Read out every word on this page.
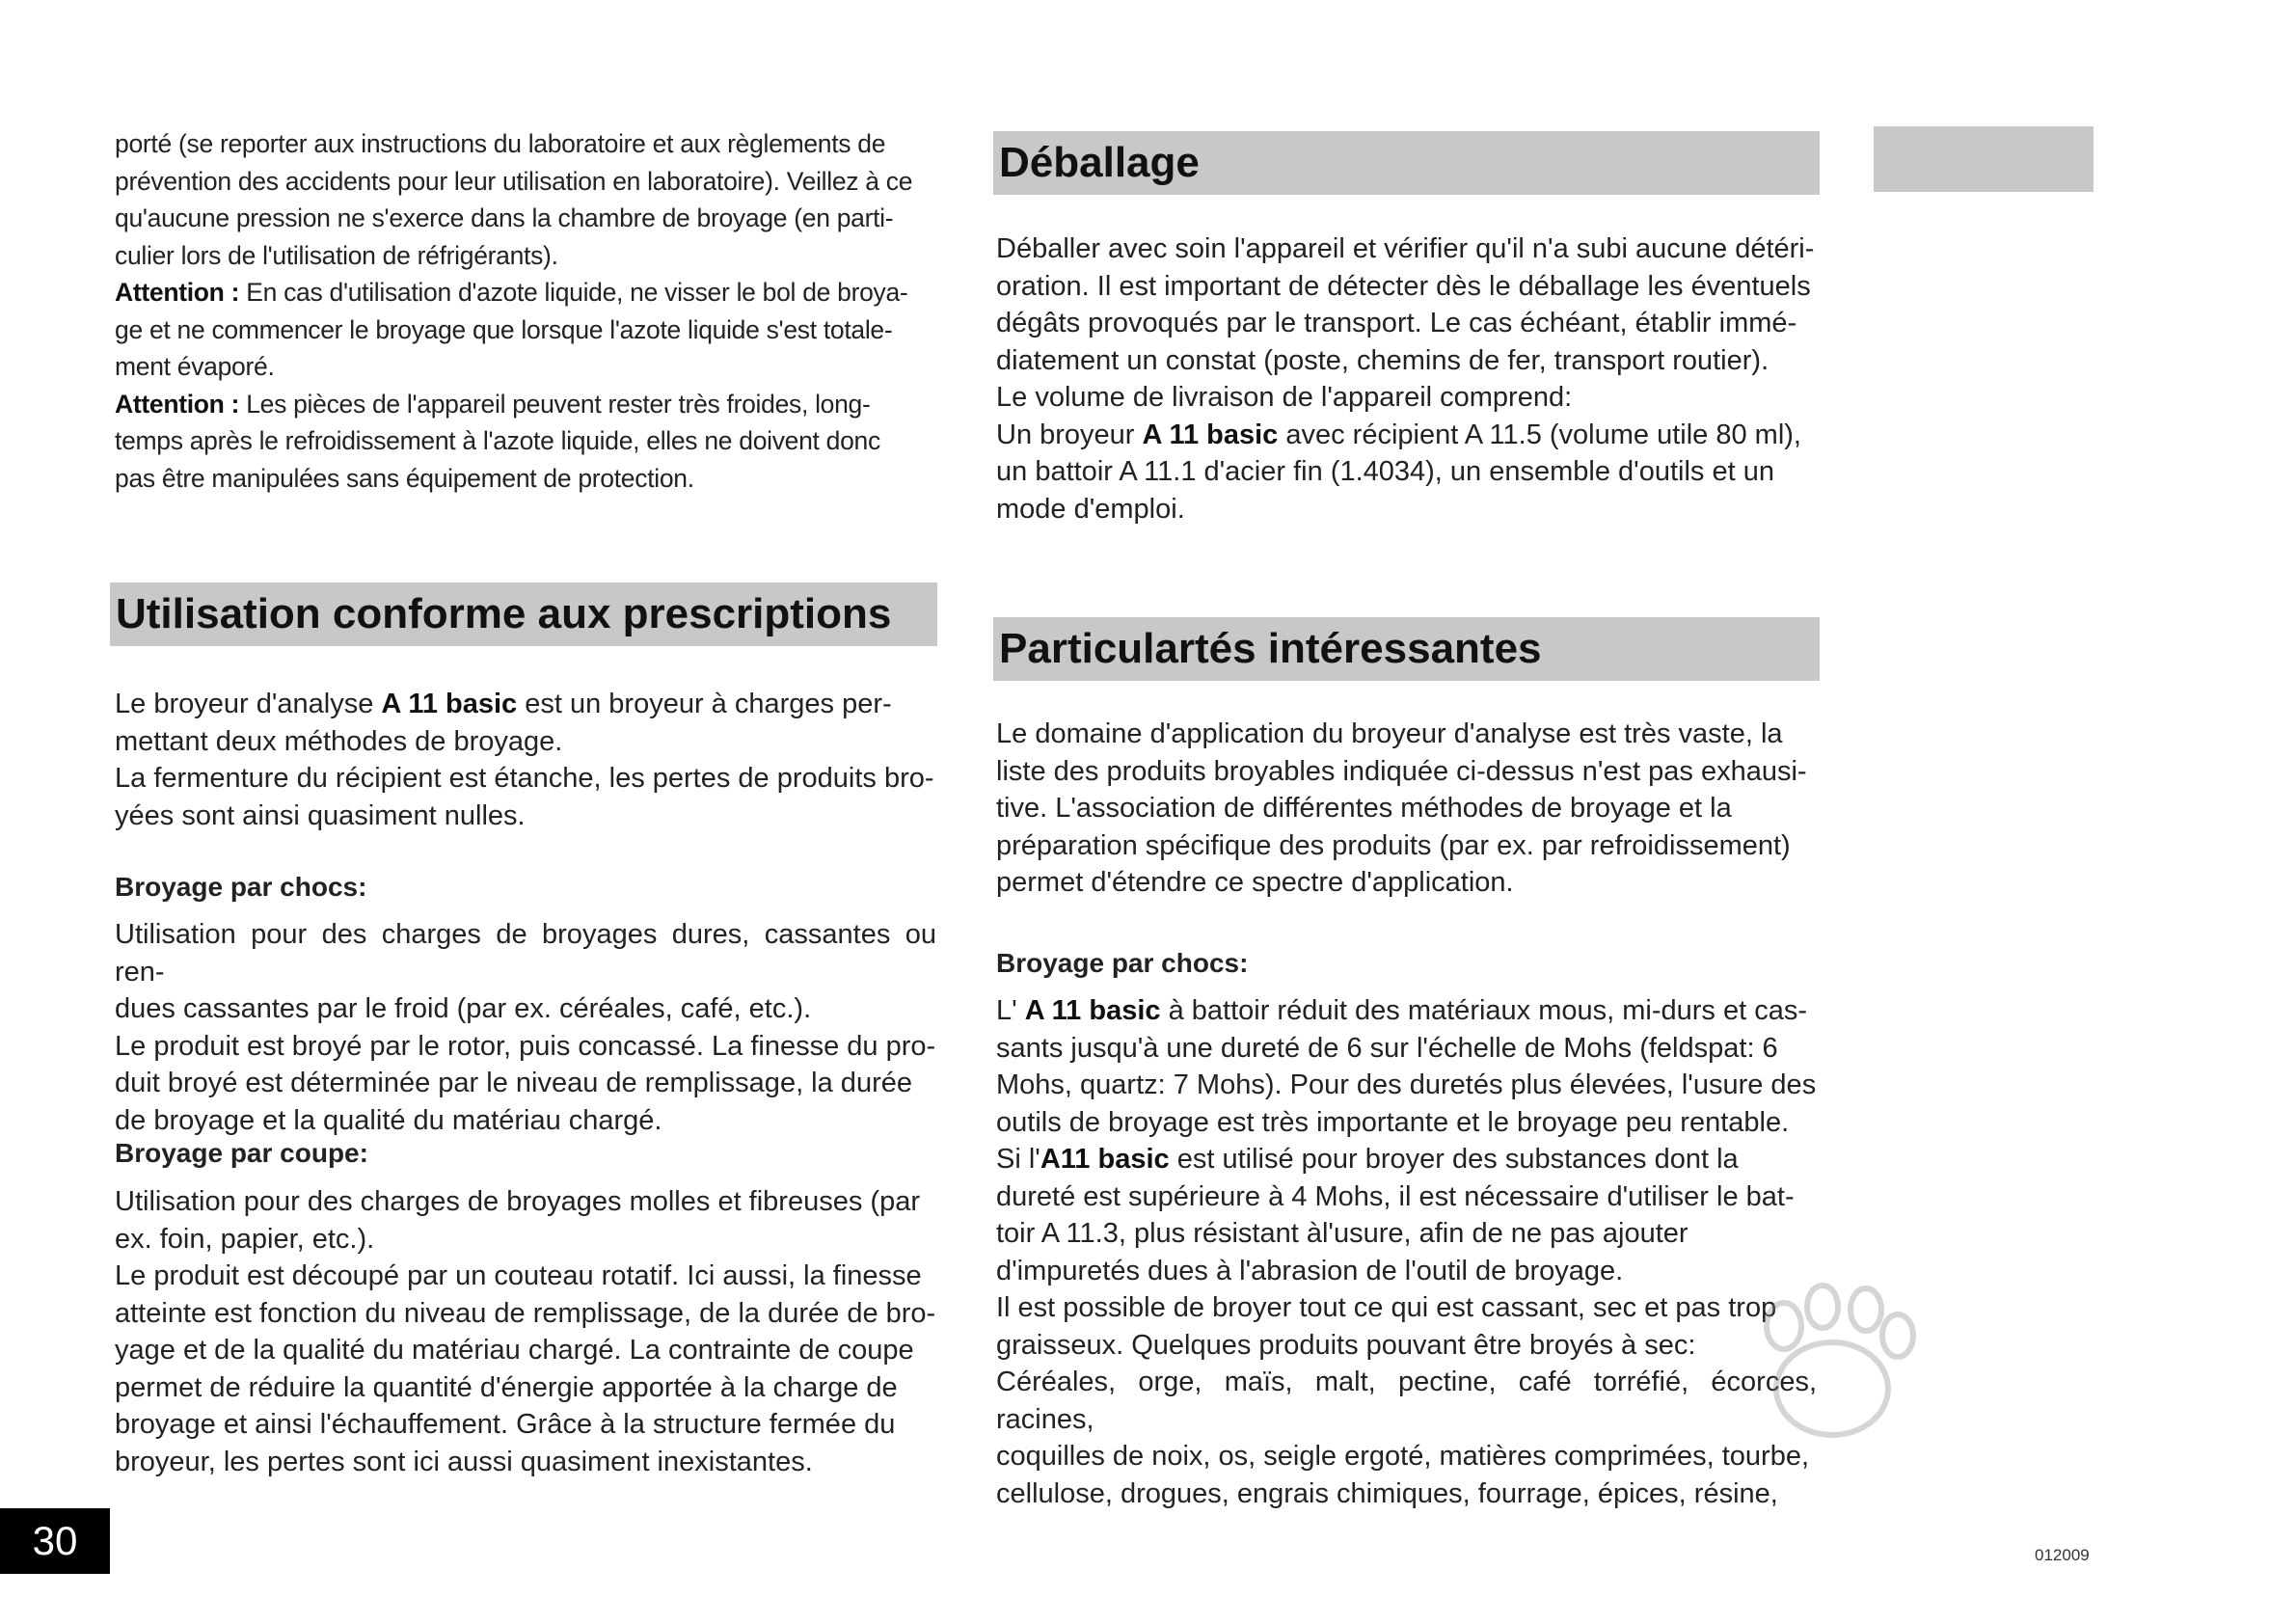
porté (se reporter aux instructions du laboratoire et aux règlements de
prévention des accidents pour leur utilisation en laboratoire). Veillez à ce
qu'aucune pression ne s'exerce dans la chambre de broyage (en parti-
culier lors de l'utilisation de réfrigérants).
Attention : En cas d'utilisation d'azote liquide, ne visser le bol de broya-
ge et ne commencer le broyage que lorsque l'azote liquide s'est totale-
ment évaporé.
Attention : Les pièces de l'appareil peuvent rester très froides, long-
temps après le refroidissement à l'azote liquide, elles ne doivent donc
pas être manipulées sans équipement de protection.
Utilisation conforme aux prescriptions
Le broyeur d'analyse A 11 basic est un broyeur à charges per-
mettant deux méthodes de broyage.
La fermenture du récipient est étanche, les pertes de produits bro-
yées sont ainsi quasiment nulles.
Broyage par chocs:
Utilisation pour des charges de broyages dures, cassantes ou ren-
dues cassantes par le froid (par ex. céréales, café, etc.).
Le produit est broyé par le rotor, puis concassé. La finesse du pro-
duit broyé est déterminée par le niveau de remplissage, la durée
de broyage et la qualité du matériau chargé.
Broyage par coupe:
Utilisation pour des charges de broyages molles et fibreuses (par
ex. foin, papier, etc.).
Le produit est découpé par un couteau rotatif. Ici aussi, la finesse
atteinte est fonction du niveau de remplissage, de la durée de bro-
yage et de la qualité du matériau chargé. La contrainte de coupe
permet de réduire la quantité d'énergie apportée à la charge de
broyage et ainsi l'échauffement. Grâce à la structure fermée du
broyeur, les pertes sont ici aussi quasiment inexistantes.
Déballage
Déballer avec soin l'appareil et vérifier qu'il n'a subi aucune détéri-
oration. Il est important de détecter dès le déballage les éventuels
dégâts provoqués par le transport. Le cas échéant, établir immé-
diatement un constat (poste, chemins de fer, transport routier).
Le volume de livraison de l'appareil comprend:
Un broyeur A 11 basic avec récipient A 11.5 (volume utile 80 ml),
un battoir A 11.1 d'acier fin (1.4034), un ensemble d'outils et un
mode d'emploi.
Particulartés intéressantes
Le domaine d'application du broyeur d'analyse est très vaste, la
liste des produits broyables indiquée ci-dessus n'est pas exhausi-
tive. L'association de différentes méthodes de broyage et la
préparation spécifique des produits (par ex. par refroidissement)
permet d'étendre ce spectre d'application.
Broyage par chocs:
L' A 11 basic à battoir réduit des matériaux mous, mi-durs et cas-
sants jusqu'à une dureté de 6 sur l'échelle de Mohs (feldspat: 6
Mohs, quartz: 7 Mohs). Pour des duretés plus élevées, l'usure des
outils de broyage est très importante et le broyage peu rentable.
Si l'A11 basic est utilisé pour broyer des substances dont la
dureté est supérieure à 4 Mohs, il est nécessaire d'utiliser le bat-
toir A 11.3, plus résistant àl'usure, afin de ne pas ajouter
d'impuretés dues à l'abrasion de l'outil de broyage.
Il est possible de broyer tout ce qui est cassant, sec et pas trop
graisseux. Quelques produits pouvant être broyés à sec:
Céréales, orge, maïs, malt, pectine, café torréfié, écorces, racines,
coquilles de noix, os, seigle ergoté, matières comprimées, tourbe,
cellulose, drogues, engrais chimiques, fourrage, épices, résine,
30	012009
